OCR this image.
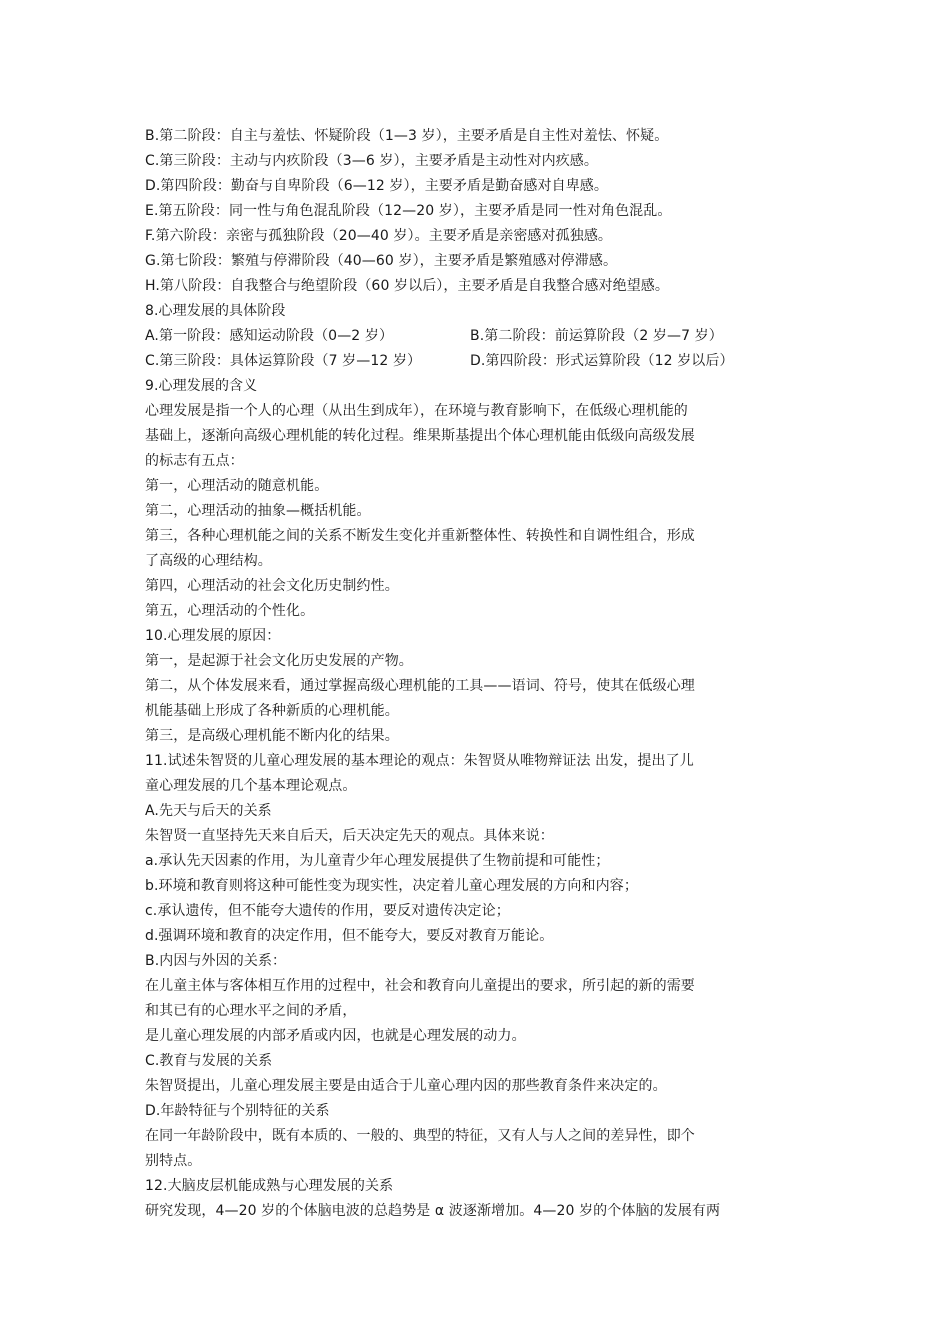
B.第二阶段：自主与羞怯、怀疑阶段（1—3 岁），主要矛盾是自主性对羞怯、怀疑。
C.第三阶段：主动与内疚阶段（3—6 岁），主要矛盾是主动性对内疚感。
D.第四阶段：勤奋与自卑阶段（6—12 岁），主要矛盾是勤奋感对自卑感。
E.第五阶段：同一性与角色混乱阶段（12—20 岁），主要矛盾是同一性对角色混乱。
F.第六阶段：亲密与孤独阶段（20—40 岁）。主要矛盾是亲密感对孤独感。
G.第七阶段：繁殖与停滞阶段（40—60 岁），主要矛盾是繁殖感对停滞感。
H.第八阶段：自我整合与绝望阶段（60 岁以后），主要矛盾是自我整合感对绝望感。
8.心理发展的具体阶段
A.第一阶段：感知运动阶段（0—2 岁）	B.第二阶段：前运算阶段（2 岁—7 岁）
C.第三阶段：具体运算阶段（7 岁—12 岁）	D.第四阶段：形式运算阶段（12 岁以后）
9.心理发展的含义
心理发展是指一个人的心理（从出生到成年），在环境与教育影响下，在低级心理机能的
基础上，逐渐向高级心理机能的转化过程。维果斯基提出个体心理机能由低级向高级发展
的标志有五点：
第一，心理活动的随意机能。
第二，心理活动的抽象—概括机能。
第三，各种心理机能之间的关系不断发生变化并重新整体性、转换性和自调性组合，形成
了高级的心理结构。
第四，心理活动的社会文化历史制约性。
第五，心理活动的个性化。
10.心理发展的原因：
第一，是起源于社会文化历史发展的产物。
第二，从个体发展来看，通过掌握高级心理机能的工具——语词、符号，使其在低级心理
机能基础上形成了各种新质的心理机能。
第三，是高级心理机能不断内化的结果。
11.试述朱智贤的儿童心理发展的基本理论的观点：朱智贤从唯物辩证法 出发，提出了儿
童心理发展的几个基本理论观点。
A.先天与后天的关系
朱智贤一直坚持先天来自后天，后天决定先天的观点。具体来说：
a.承认先天因素的作用，为儿童青少年心理发展提供了生物前提和可能性；
b.环境和教育则将这种可能性变为现实性，决定着儿童心理发展的方向和内容；
c.承认遗传，但不能夸大遗传的作用，要反对遗传决定论；
d.强调环境和教育的决定作用，但不能夸大，要反对教育万能论。
B.内因与外因的关系：
在儿童主体与客体相互作用的过程中，社会和教育向儿童提出的要求，所引起的新的需要
和其已有的心理水平之间的矛盾，
是儿童心理发展的内部矛盾或内因，也就是心理发展的动力。
C.教育与发展的关系
朱智贤提出，儿童心理发展主要是由适合于儿童心理内因的那些教育条件来决定的。
D.年龄特征与个别特征的关系
在同一年龄阶段中，既有本质的、一般的、典型的特征，又有人与人之间的差异性，即个
别特点。
12.大脑皮层机能成熟与心理发展的关系
研究发现，4—20 岁的个体脑电波的总趋势是 α 波逐渐增加。4—20 岁的个体脑的发展有两
